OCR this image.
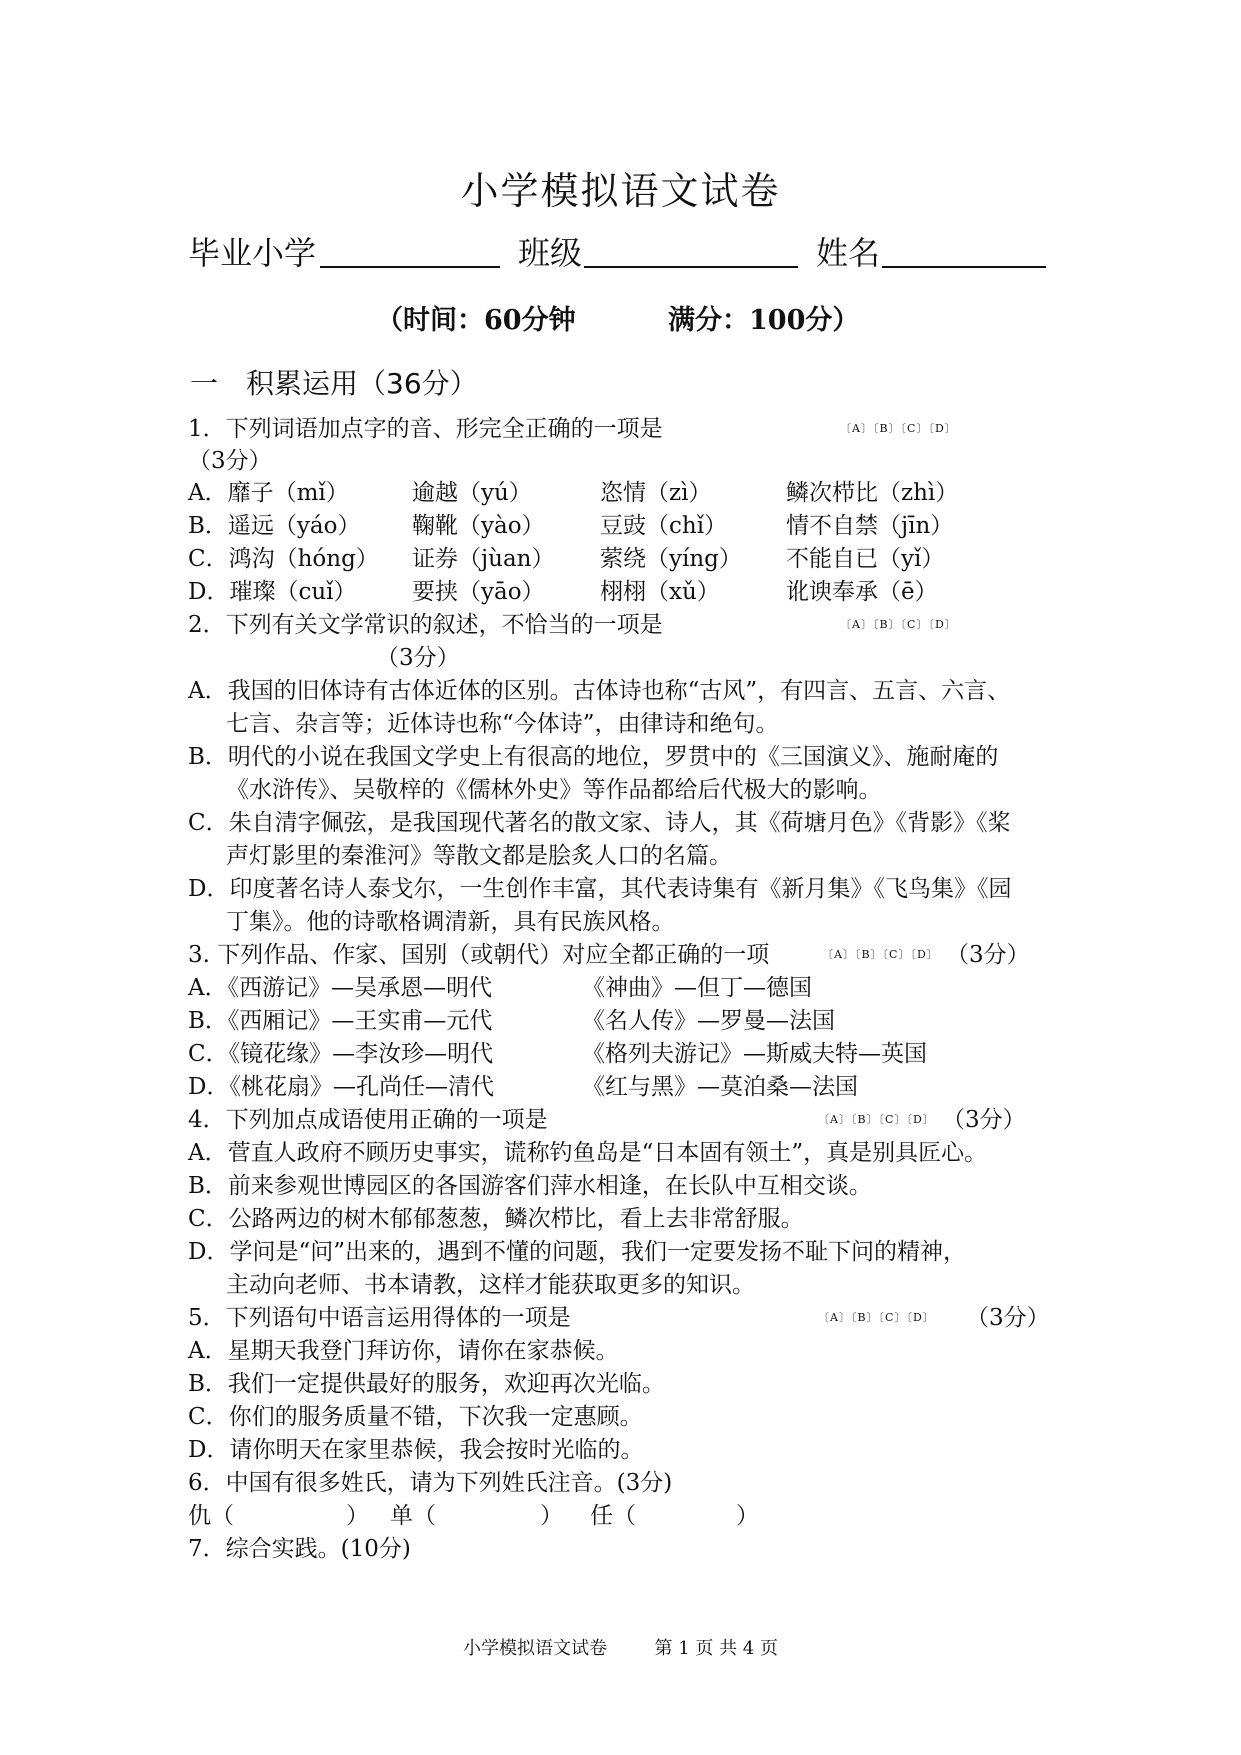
小学模拟语文试卷
毕业小学	班级	姓名
（时间：60分钟	满分：100分）
一　积累运用（36分）
1．下列词语加点字的音、形完全正确的一项是	〔A〕〔B〕〔C〕〔D〕
（3分）
A．靡子（mǐ）	逾越（yú）	恣情（zì）	鳞次栉比（zhì）
B．遥远（yáo） 鞠靴（yào） 豆豉（chǐ）	情不自禁（jīn）
C．鸿沟（hóng） 证券（jùan） 萦绕（yíng） 不能自已（yǐ）
D．璀璨（cuǐ） 要挟（yāo） 栩栩（xǔ）	讹谀奉承（ē）
2．下列有关文学常识的叙述，不恰当的一项是	〔A〕〔B〕〔C〕〔D〕
（3分）
A．我国的旧体诗有古体近体的区别。古体诗也称“古风”，有四言、五言、六言、
七言、杂言等；近体诗也称“今体诗”，由律诗和绝句。
B．明代的小说在我国文学史上有很高的地位，罗贯中的《三国演义》、施耐庵的
《水浒传》、吴敬梓的《儒林外史》等作品都给后代极大的影响。
C．朱自清字佩弦，是我国现代著名的散文家、诗人，其《荷塘月色》《背影》《桨
声灯影里的秦淮河》等散文都是脍炙人口的名篇。
D．印度著名诗人泰戈尔，一生创作丰富，其代表诗集有《新月集》《飞鸟集》《园
丁集》。他的诗歌格调清新，具有民族风格。
3. 下列作品、作家、国别（或朝代）对应全都正确的一项	〔A〕〔B〕〔C〕〔D〕 （3分）
A．《西游记》—吴承恩—明代	《神曲》—但丁—德国
B．《西厢记》—王实甫—元代	《名人传》—罗曼—法国
C．《镜花缘》—李汝珍—明代	《格列夫游记》—斯威夫特—英国
D．《桃花扇》—孔尚任—清代	《红与黑》—莫泊桑—法国
4．下列加点成语使用正确的一项是	〔A〕〔B〕〔C〕〔D〕 （3分）
A．菅直人政府不顾历史事实，谎称钓鱼岛是“日本固有领土”，真是别具匠心。
B．前来参观世博园区的各国游客们萍水相逢，在长队中互相交谈。
C．公路两边的树木郁郁葱葱，鳞次栉比，看上去非常舒服。
D．学问是“问”出来的，遇到不懂的问题，我们一定要发扬不耻下问的精神，
主动向老师、书本请教，这样才能获取更多的知识。
5．下列语句中语言运用得体的一项是	〔A〕〔B〕〔C〕〔D〕 （3分）
A．星期天我登门拜访你，请你在家恭候。
B．我们一定提供最好的服务，欢迎再次光临。
C．你们的服务质量不错，下次我一定惠顾。
D．请你明天在家里恭候，我会按时光临的。
6．中国有很多姓氏，请为下列姓氏注音。(3分)
仇（	） 单（	） 任（	）
7．综合实践。(10分)
小学模拟语文试卷	第 1 页 共 4 页
